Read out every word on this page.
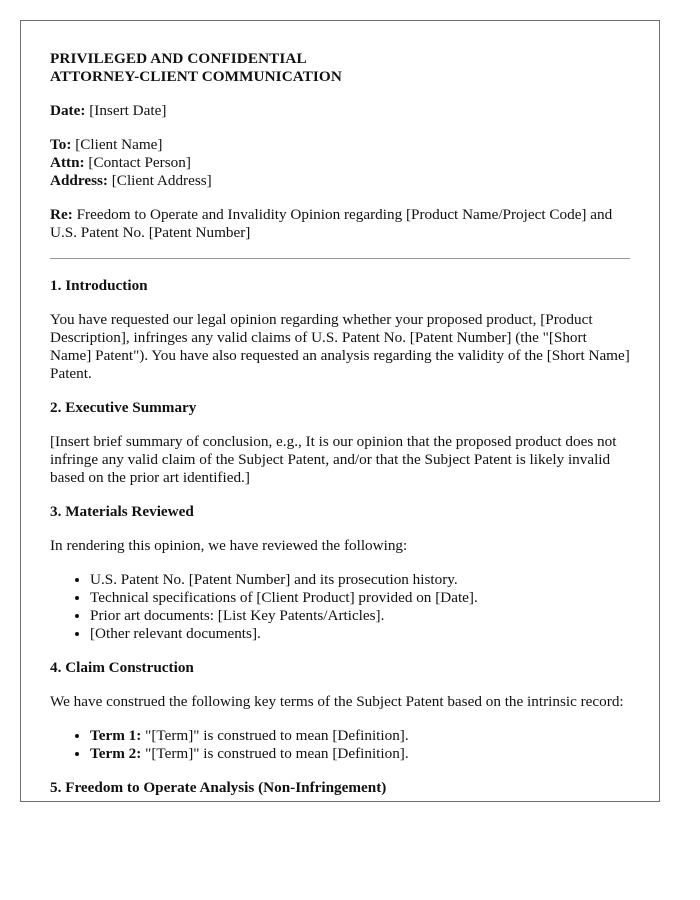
PRIVILEGED AND CONFIDENTIAL

ATTORNEY-CLIENT COMMUNICATION

Date: [Insert Date]

To: [Client Name]

Attn: [Contact Person]

Address: [Client Address]

Re: Freedom to Operate and Invalidity Opinion regarding [Product Name/Project Code] and U.S. Patent No. [Patent Number]

1. Introduction

You have requested our legal opinion regarding whether your proposed product, [Product Description], infringes any valid claims of U.S. Patent No. [Patent Number] (the "[Short Name] Patent"). You have also requested an analysis regarding the validity of the [Short Name] Patent.

2. Executive Summary

[Insert brief summary of conclusion, e.g., It is our opinion that the proposed product does not infringe any valid claim of the Subject Patent, and/or that the Subject Patent is likely invalid based on the prior art identified.]

3. Materials Reviewed

In rendering this opinion, we have reviewed the following:

• U.S. Patent No. [Patent Number] and its prosecution history.
• Technical specifications of [Client Product] provided on [Date].
• Prior art documents: [List Key Patents/Articles].
• [Other relevant documents].
4. Claim Construction

We have construed the following key terms of the Subject Patent based on the intrinsic record:

• Term 1: "[Term]" is construed to mean [Definition].
• Term 2: "[Term]" is construed to mean [Definition].
5. Freedom to Operate Analysis (Non-Infringement)
